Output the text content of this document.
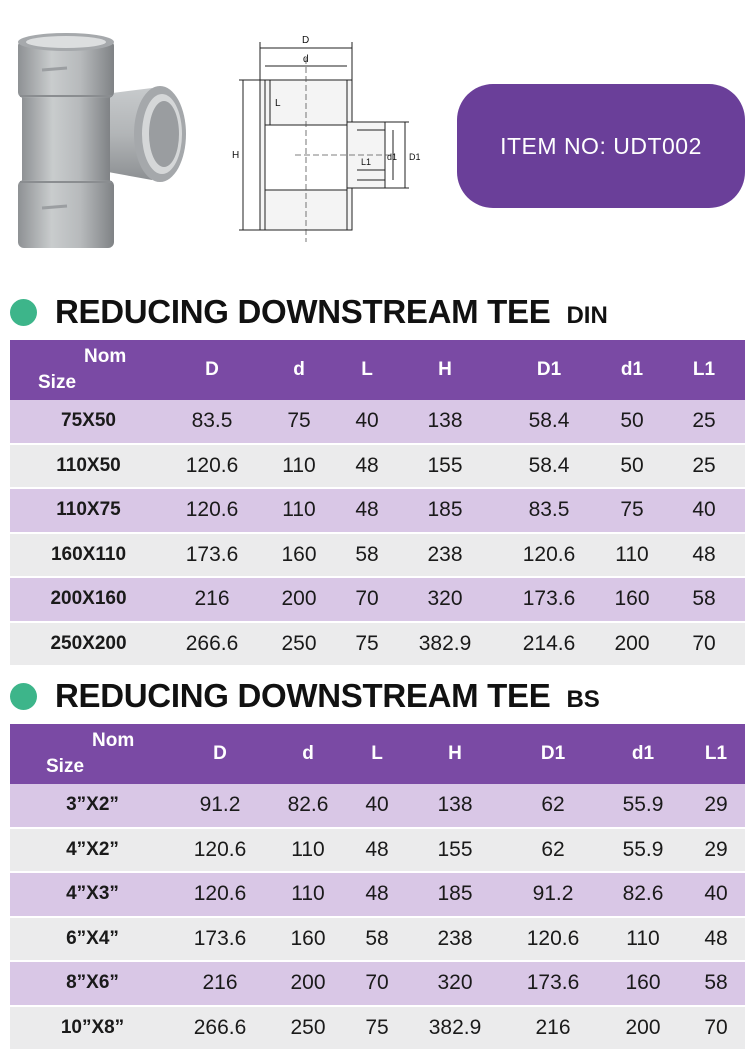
D
d
L
H
L1 d1 D1	ITEM NO: UDT002
REDUCING DOWNSTREAM TEE DIN
Nom
Size	D	d	L	H	D1	d1	L1
75X50	83.5	75	40	138	58.4	50	25
110X50	120.6	110	48	155	58.4	50	25
110X75	120.6	110	48	185	83.5	75	40
160X110	173.6	160	58	238	120.6	110	48
200X160	216	200	70	320	173.6	160	58
250X200	266.6	250	75	382.9	214.6	200	70
REDUCING DOWNSTREAM TEE BS
Nom
Size	D	d	L	H	D1	d1	L1
3”X2”	91.2	82.6	40	138	62	55.9	29
4”X2”	120.6	110	48	155	62	55.9	29
4”X3”	120.6	110	48	185	91.2	82.6	40
6”X4”	173.6	160	58	238	120.6	110	48
8”X6”	216	200	70	320	173.6	160	58
10”X8”	266.6	250	75	382.9	216	200	70
